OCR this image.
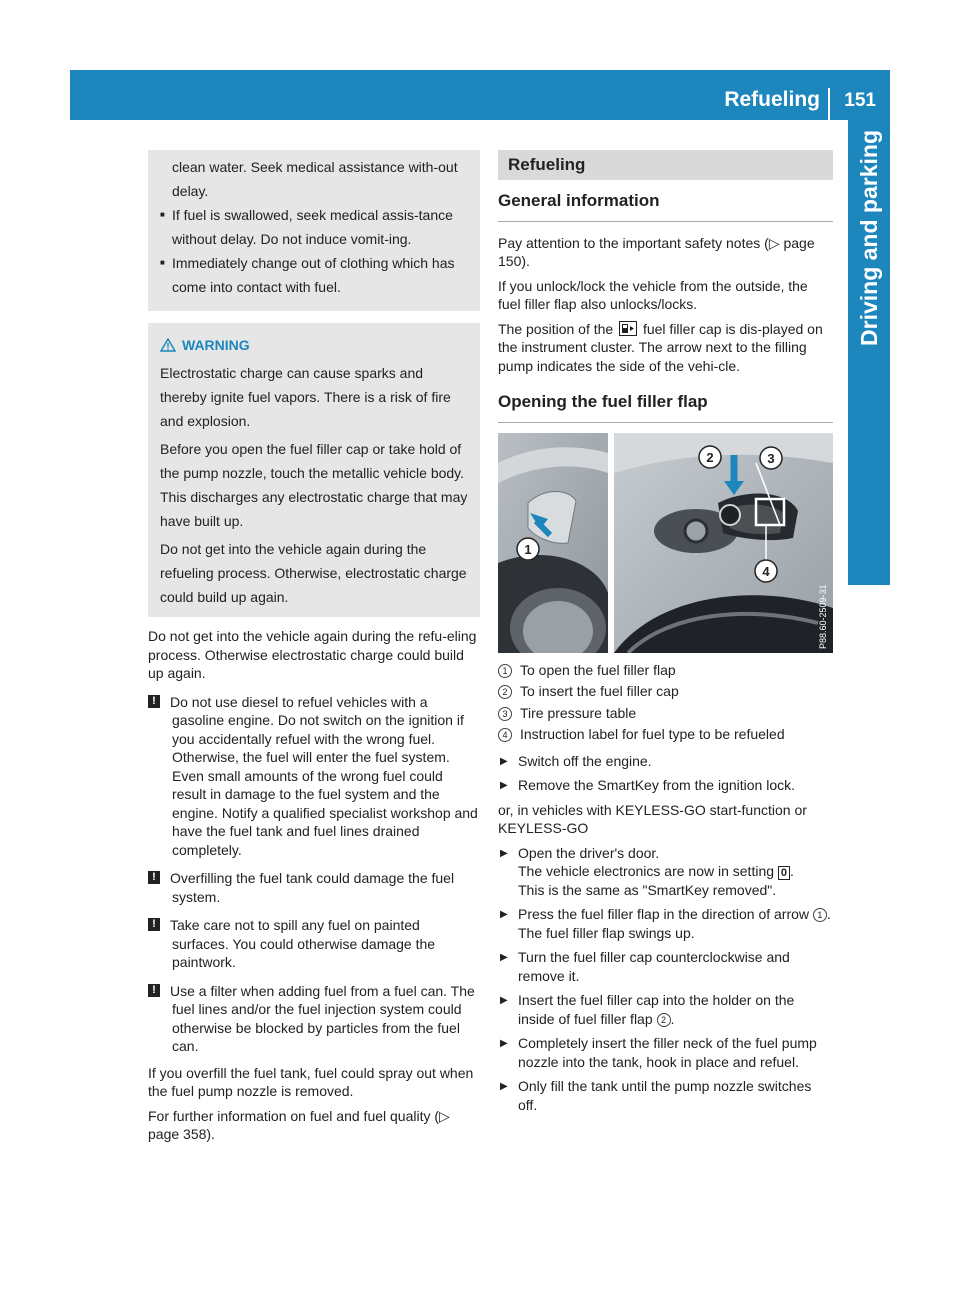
Refueling 151
Driving and parking
clean water. Seek medical assistance with-out delay.
■ If fuel is swallowed, seek medical assis-tance without delay. Do not induce vomit-ing.
■ Immediately change out of clothing which has come into contact with fuel.
WARNING
Electrostatic charge can cause sparks and thereby ignite fuel vapors. There is a risk of fire and explosion.
Before you open the fuel filler cap or take hold of the pump nozzle, touch the metallic vehicle body. This discharges any electrostatic charge that may have built up.
Do not get into the vehicle again during the refueling process. Otherwise, electrostatic charge could build up again.
Do not get into the vehicle again during the refu-eling process. Otherwise electrostatic charge could build up again.
! Do not use diesel to refuel vehicles with a gasoline engine. Do not switch on the ignition if you accidentally refuel with the wrong fuel. Otherwise, the fuel will enter the fuel system. Even small amounts of the wrong fuel could result in damage to the fuel system and the engine. Notify a qualified specialist workshop and have the fuel tank and fuel lines drained completely.
! Overfilling the fuel tank could damage the fuel system.
! Take care not to spill any fuel on painted surfaces. You could otherwise damage the paintwork.
! Use a filter when adding fuel from a fuel can. The fuel lines and/or the fuel injection system could otherwise be blocked by particles from the fuel can.
If you overfill the fuel tank, fuel could spray out when the fuel pump nozzle is removed.
For further information on fuel and fuel quality (▷ page 358).
Refueling
General information
Pay attention to the important safety notes (▷ page 150).
If you unlock/lock the vehicle from the outside, the fuel filler flap also unlocks/locks.
The position of the fuel filler cap is dis-played on the instrument cluster. The arrow next to the filling pump indicates the side of the vehi-cle.
Opening the fuel filler flap
1
2	3
4
P88.60-2509-31
1 To open the fuel filler flap
2 To insert the fuel filler cap
3 Tire pressure table
4 Instruction label for fuel type to be refueled
▶ Switch off the engine.
▶ Remove the SmartKey from the ignition lock.
or, in vehicles with KEYLESS-GO start-function or KEYLESS-GO
▶ Open the driver's door.
The vehicle electronics are now in setting 0 .
This is the same as "SmartKey removed".
▶ Press the fuel filler flap in the direction of arrow 1 .
The fuel filler flap swings up.
▶ Turn the fuel filler cap counterclockwise and remove it.
▶ Insert the fuel filler cap into the holder on the inside of fuel filler flap 2 .
▶ Completely insert the filler neck of the fuel pump nozzle into the tank, hook in place and refuel.
▶ Only fill the tank until the pump nozzle switches off.
